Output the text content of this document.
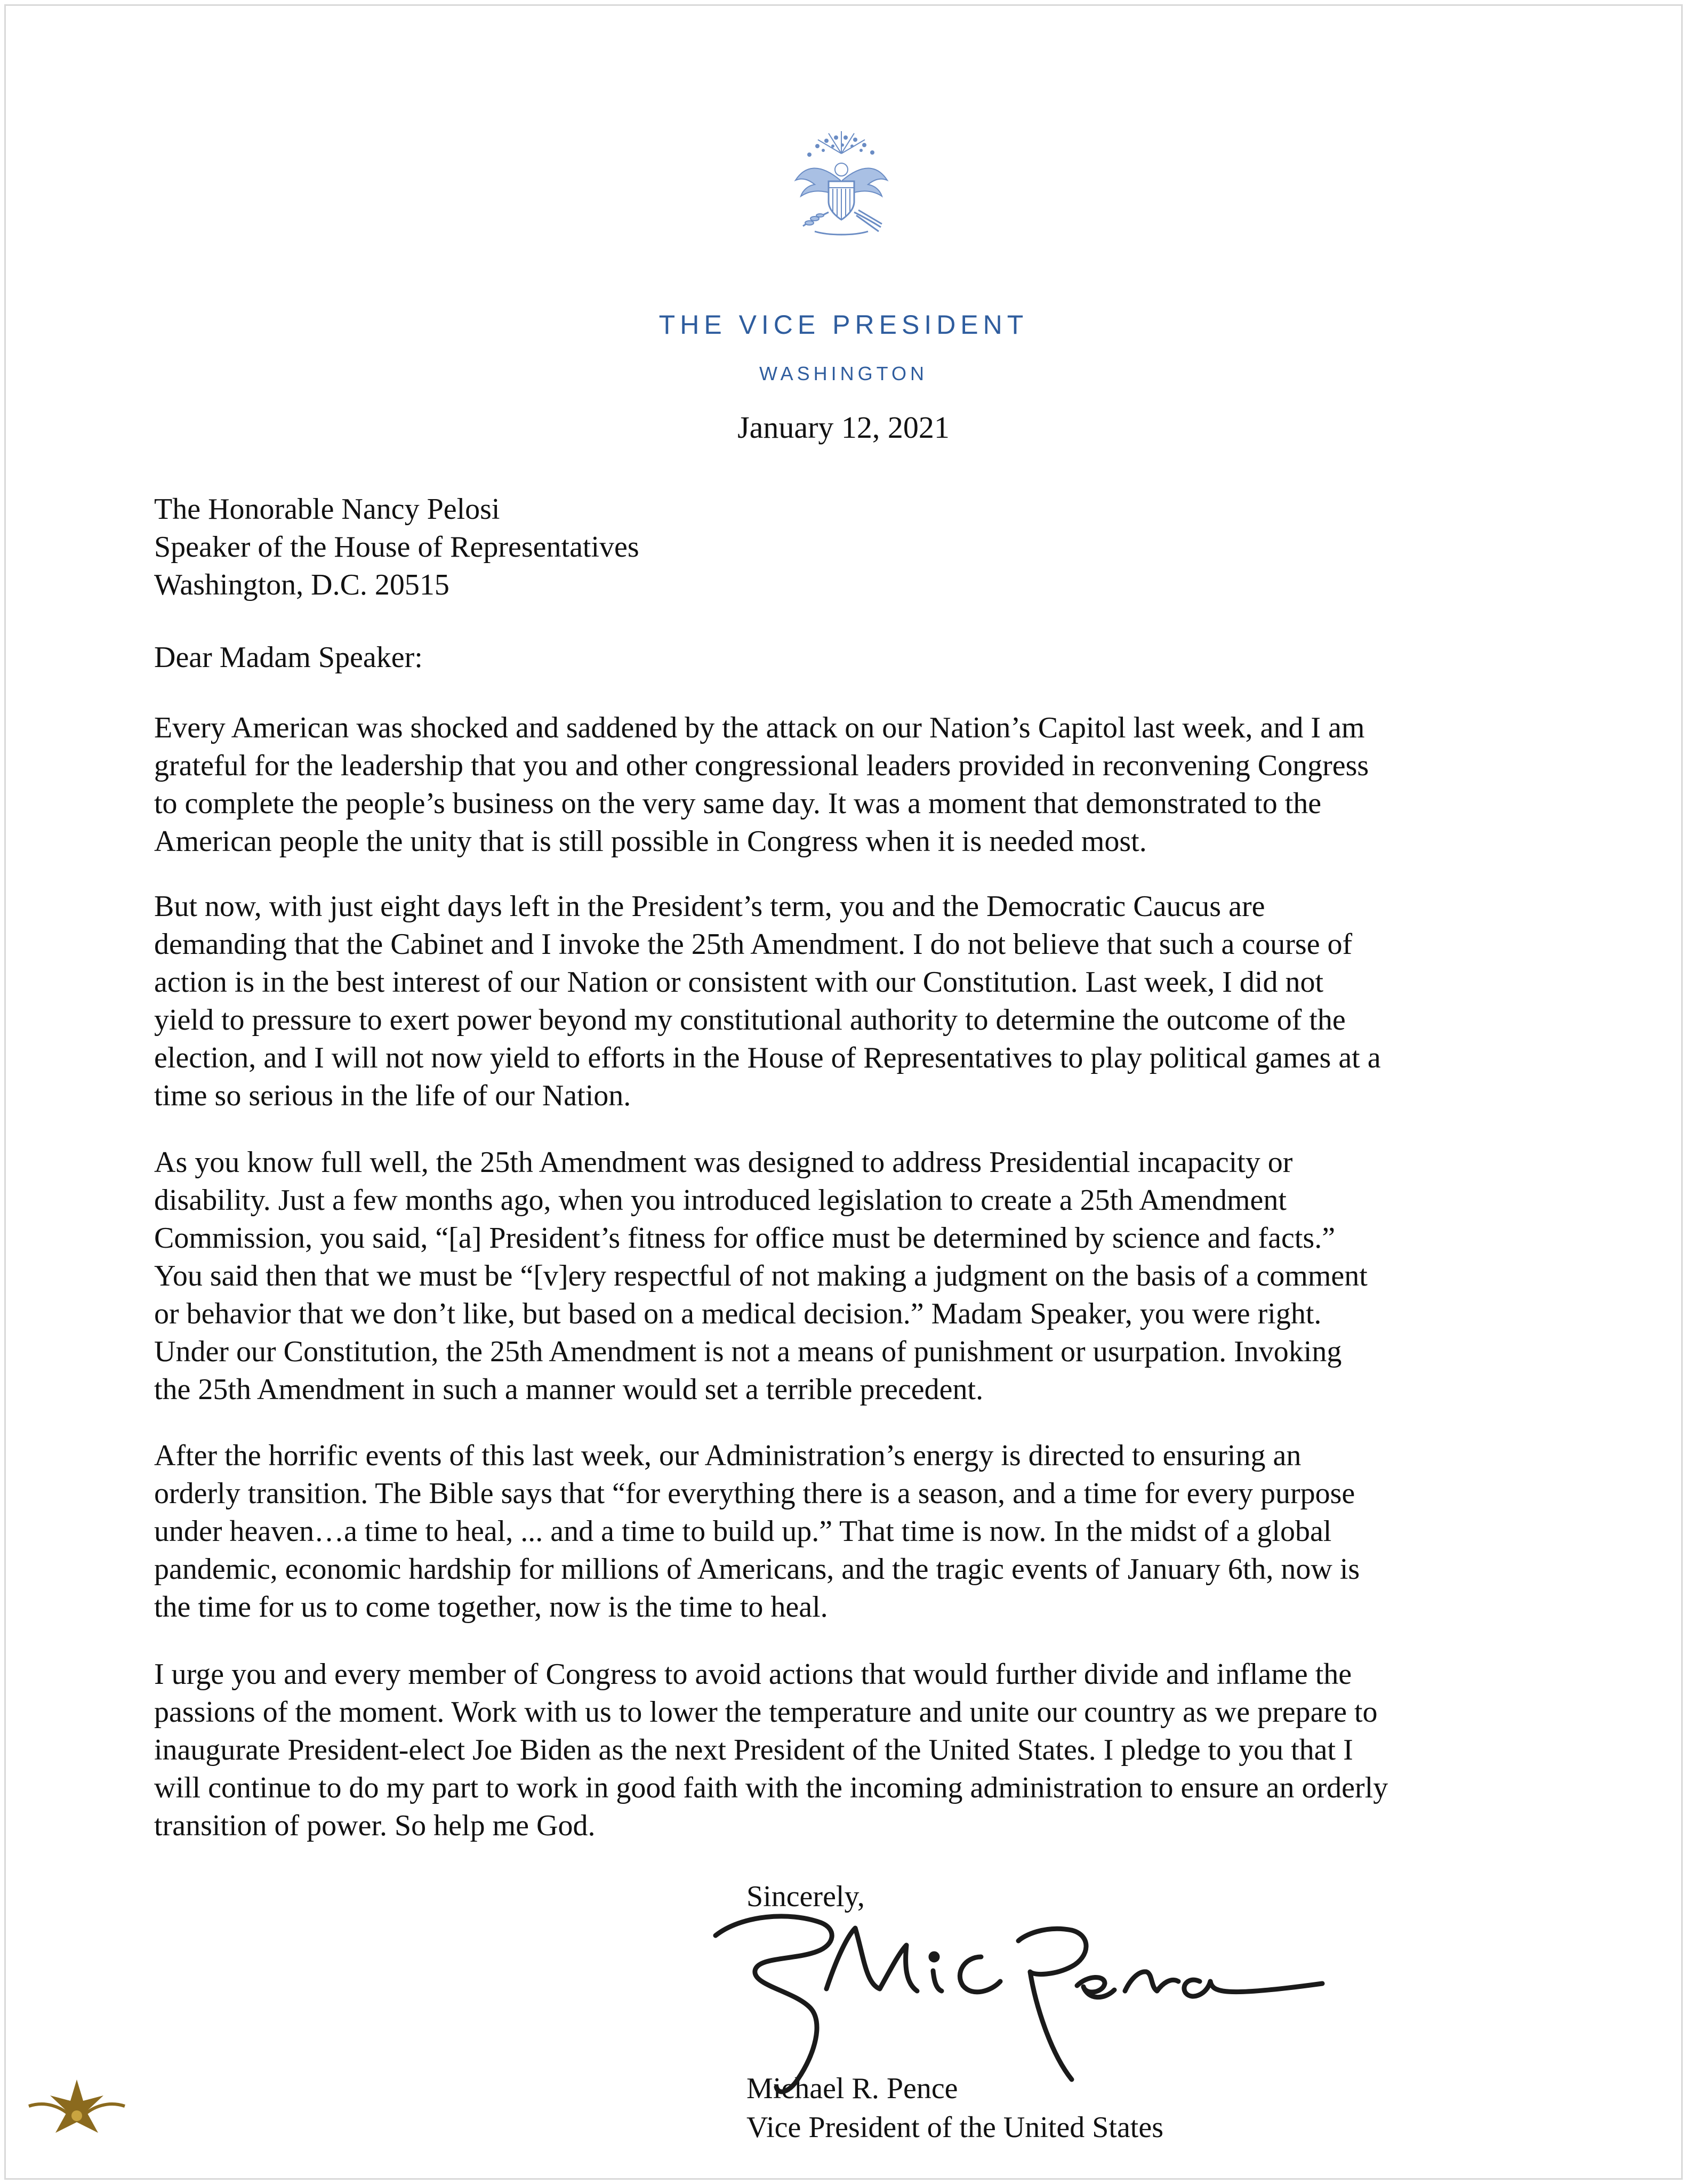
THE VICE PRESIDENT
WASHINGTON
January 12, 2021
The Honorable Nancy Pelosi
Speaker of the House of Representatives
Washington, D.C. 20515
Dear Madam Speaker:
Every American was shocked and saddened by the attack on our Nation’s Capitol last week, and I am
grateful for the leadership that you and other congressional leaders provided in reconvening Congress
to complete the people’s business on the very same day. It was a moment that demonstrated to the
American people the unity that is still possible in Congress when it is needed most.
But now, with just eight days left in the President’s term, you and the Democratic Caucus are
demanding that the Cabinet and I invoke the 25th Amendment. I do not believe that such a course of
action is in the best interest of our Nation or consistent with our Constitution. Last week, I did not
yield to pressure to exert power beyond my constitutional authority to determine the outcome of the
election, and I will not now yield to efforts in the House of Representatives to play political games at a
time so serious in the life of our Nation.
As you know full well, the 25th Amendment was designed to address Presidential incapacity or
disability. Just a few months ago, when you introduced legislation to create a 25th Amendment
Commission, you said, “[a] President’s fitness for office must be determined by science and facts.”
You said then that we must be “[v]ery respectful of not making a judgment on the basis of a comment
or behavior that we don’t like, but based on a medical decision.” Madam Speaker, you were right.
Under our Constitution, the 25th Amendment is not a means of punishment or usurpation. Invoking
the 25th Amendment in such a manner would set a terrible precedent.
After the horrific events of this last week, our Administration’s energy is directed to ensuring an
orderly transition. The Bible says that “for everything there is a season, and a time for every purpose
under heaven…a time to heal, ... and a time to build up.” That time is now. In the midst of a global
pandemic, economic hardship for millions of Americans, and the tragic events of January 6th, now is
the time for us to come together, now is the time to heal.
I urge you and every member of Congress to avoid actions that would further divide and inflame the
passions of the moment. Work with us to lower the temperature and unite our country as we prepare to
inaugurate President-elect Joe Biden as the next President of the United States. I pledge to you that I
will continue to do my part to work in good faith with the incoming administration to ensure an orderly
transition of power. So help me God.
Sincerely,
Michael R. Pence
Vice President of the United States
